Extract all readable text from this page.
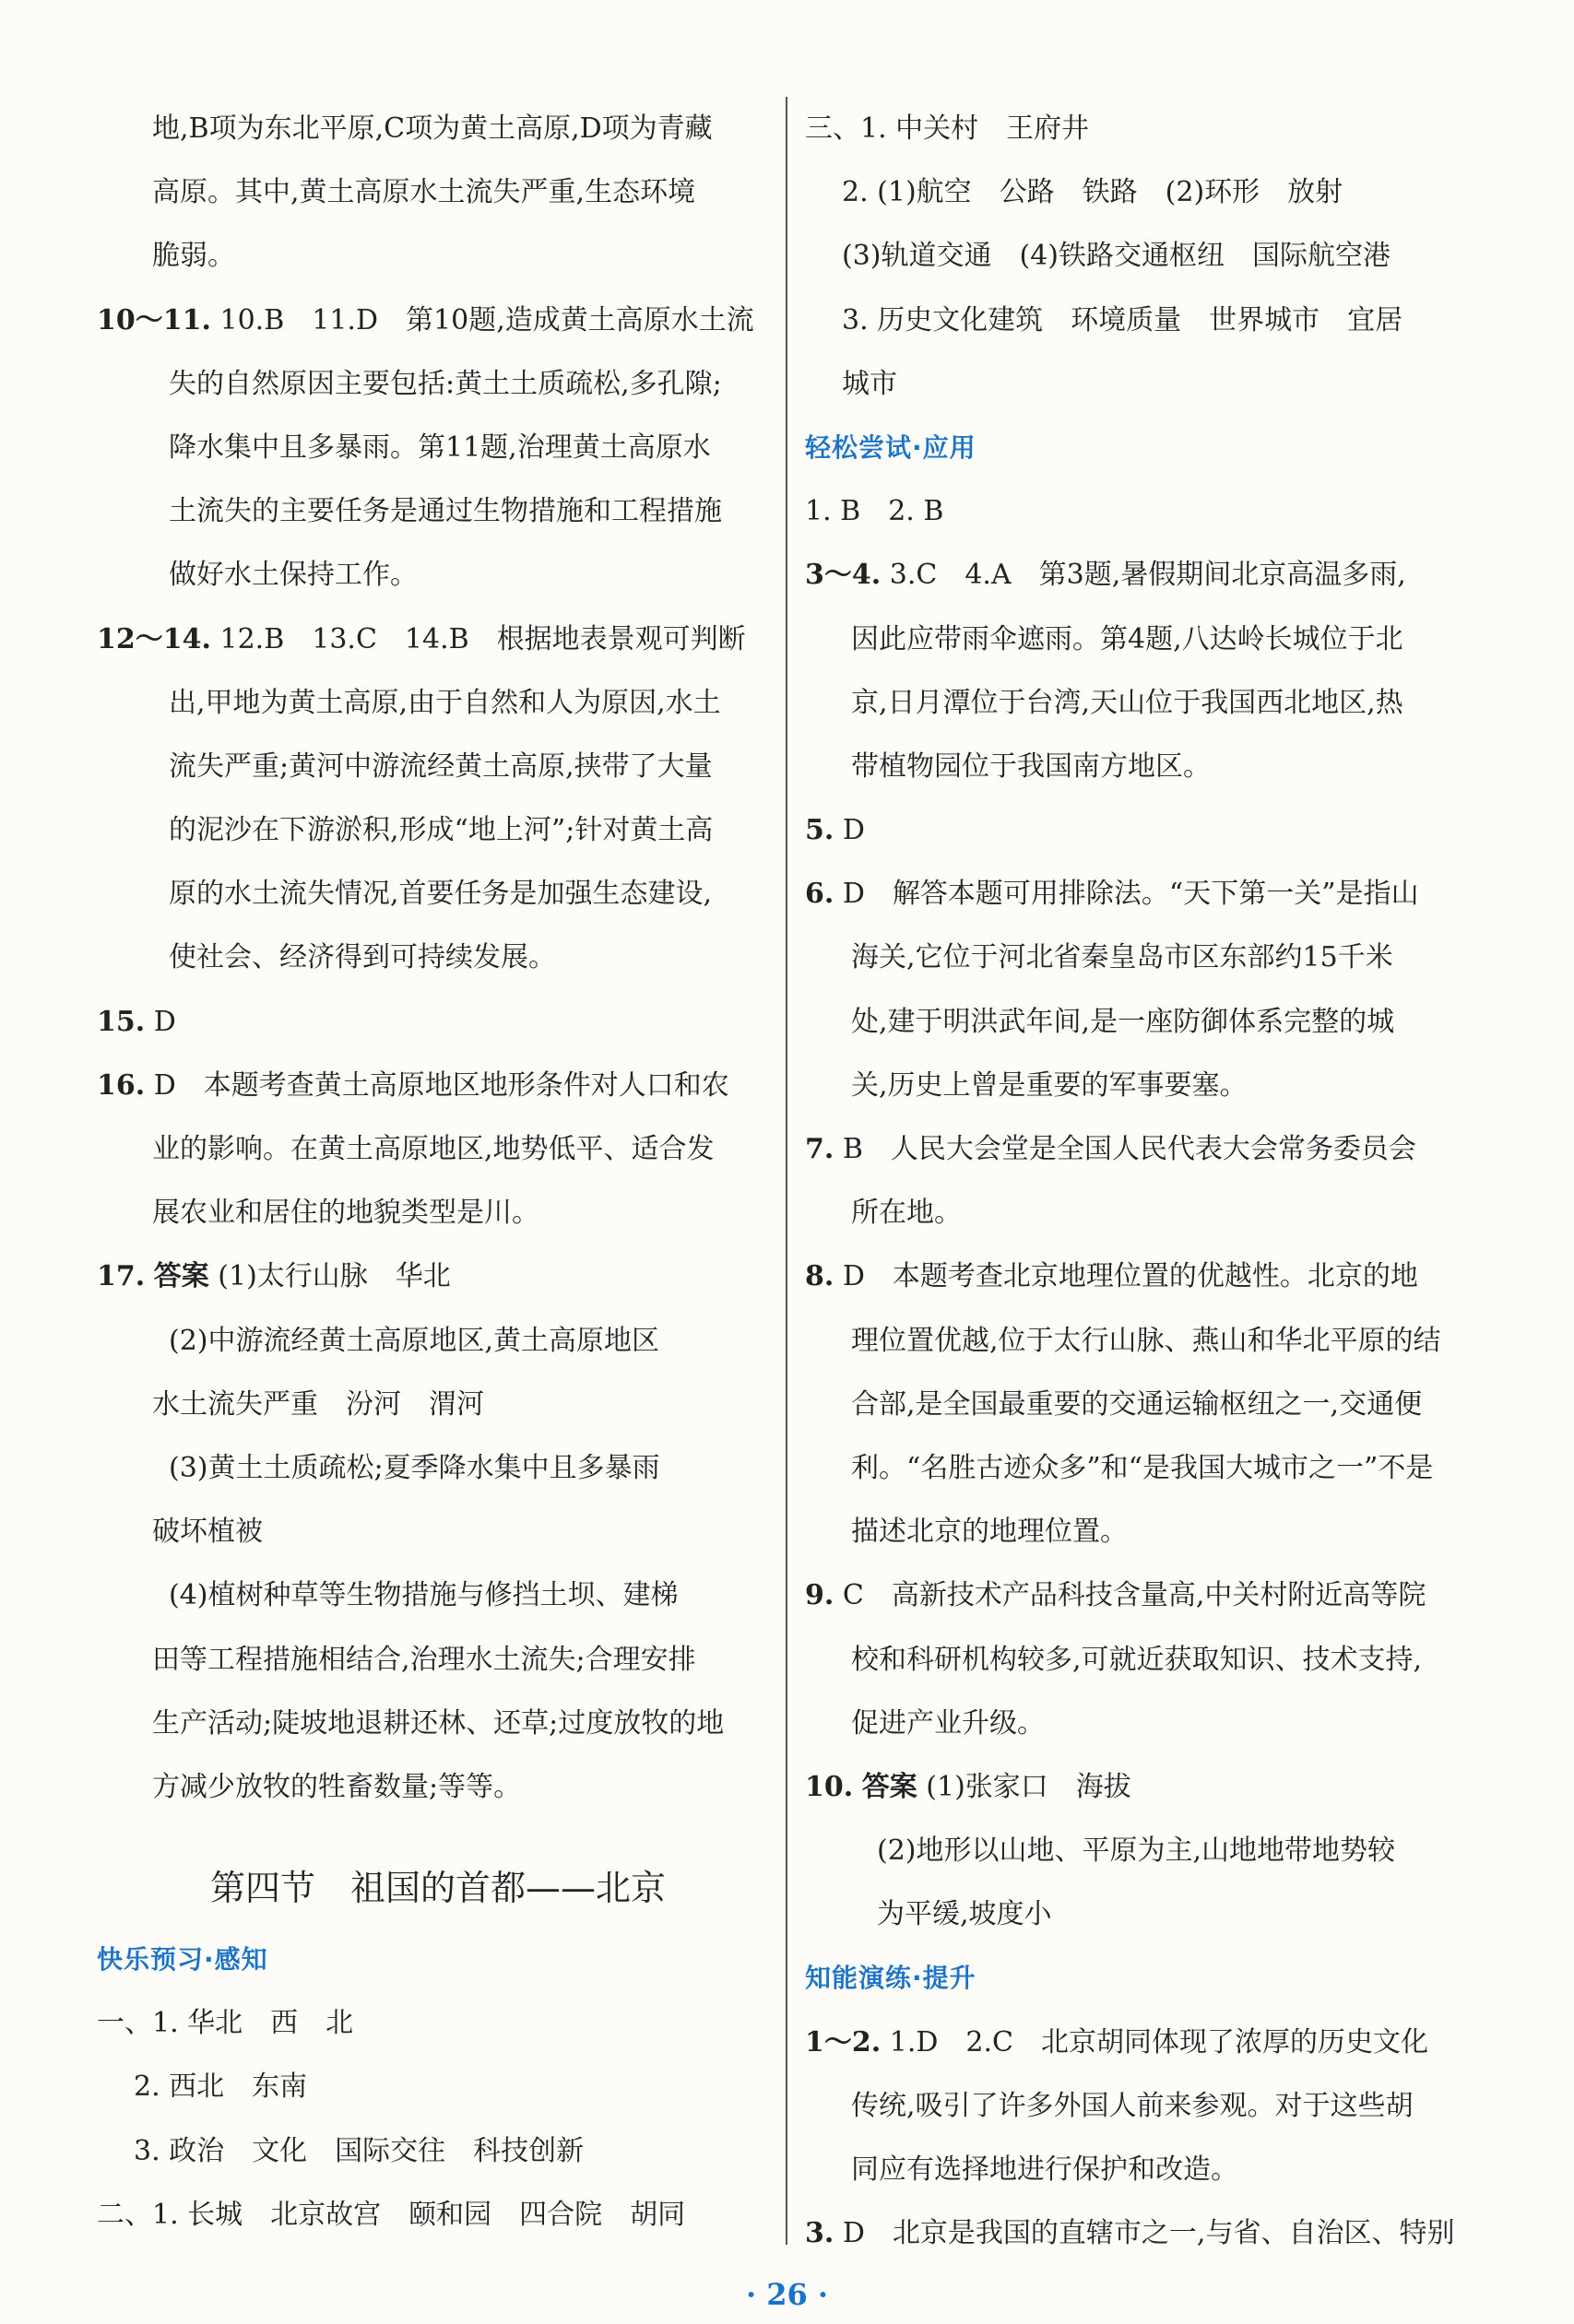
地,B项为东北平原,C项为黄土高原,D项为青藏
高原。其中,黄土高原水土流失严重,生态环境
脆弱。
10～11. 10.B　11.D　第10题,造成黄土高原水土流
失的自然原因主要包括:黄土土质疏松,多孔隙;
降水集中且多暴雨。第11题,治理黄土高原水
土流失的主要任务是通过生物措施和工程措施
做好水土保持工作。
12～14. 12.B　13.C　14.B　根据地表景观可判断
出,甲地为黄土高原,由于自然和人为原因,水土
流失严重;黄河中游流经黄土高原,挟带了大量
的泥沙在下游淤积,形成“地上河”;针对黄土高
原的水土流失情况,首要任务是加强生态建设,
使社会、经济得到可持续发展。
15. D
16. D　本题考查黄土高原地区地形条件对人口和农
业的影响。在黄土高原地区,地势低平、适合发
展农业和居住的地貌类型是川。
17. 答案 (1)太行山脉　华北
(2)中游流经黄土高原地区,黄土高原地区
水土流失严重　汾河　渭河
(3)黄土土质疏松;夏季降水集中且多暴雨
破坏植被
(4)植树种草等生物措施与修挡土坝、建梯
田等工程措施相结合,治理水土流失;合理安排
生产活动;陡坡地退耕还林、还草;过度放牧的地
方减少放牧的牲畜数量;等等。
第四节　祖国的首都——北京
快乐预习·感知
一、1. 华北　西　北
2. 西北　东南
3. 政治　文化　国际交往　科技创新
二、1. 长城　北京故宫　颐和园　四合院　胡同
三、1. 中关村　王府井
2. (1)航空　公路　铁路　(2)环形　放射
(3)轨道交通　(4)铁路交通枢纽　国际航空港
3. 历史文化建筑　环境质量　世界城市　宜居
城市
轻松尝试·应用
1. B　2. B
3～4. 3.C　4.A　第3题,暑假期间北京高温多雨,
因此应带雨伞遮雨。第4题,八达岭长城位于北
京,日月潭位于台湾,天山位于我国西北地区,热
带植物园位于我国南方地区。
5. D
6. D　解答本题可用排除法。“天下第一关”是指山
海关,它位于河北省秦皇岛市区东部约15千米
处,建于明洪武年间,是一座防御体系完整的城
关,历史上曾是重要的军事要塞。
7. B　人民大会堂是全国人民代表大会常务委员会
所在地。
8. D　本题考查北京地理位置的优越性。北京的地
理位置优越,位于太行山脉、燕山和华北平原的结
合部,是全国最重要的交通运输枢纽之一,交通便
利。“名胜古迹众多”和“是我国大城市之一”不是
描述北京的地理位置。
9. C　高新技术产品科技含量高,中关村附近高等院
校和科研机构较多,可就近获取知识、技术支持,
促进产业升级。
10. 答案 (1)张家口　海拔
(2)地形以山地、平原为主,山地地带地势较
为平缓,坡度小
知能演练·提升
1～2. 1.D　2.C　北京胡同体现了浓厚的历史文化
传统,吸引了许多外国人前来参观。对于这些胡
同应有选择地进行保护和改造。
3. D　北京是我国的直辖市之一,与省、自治区、特别
· 26 ·
